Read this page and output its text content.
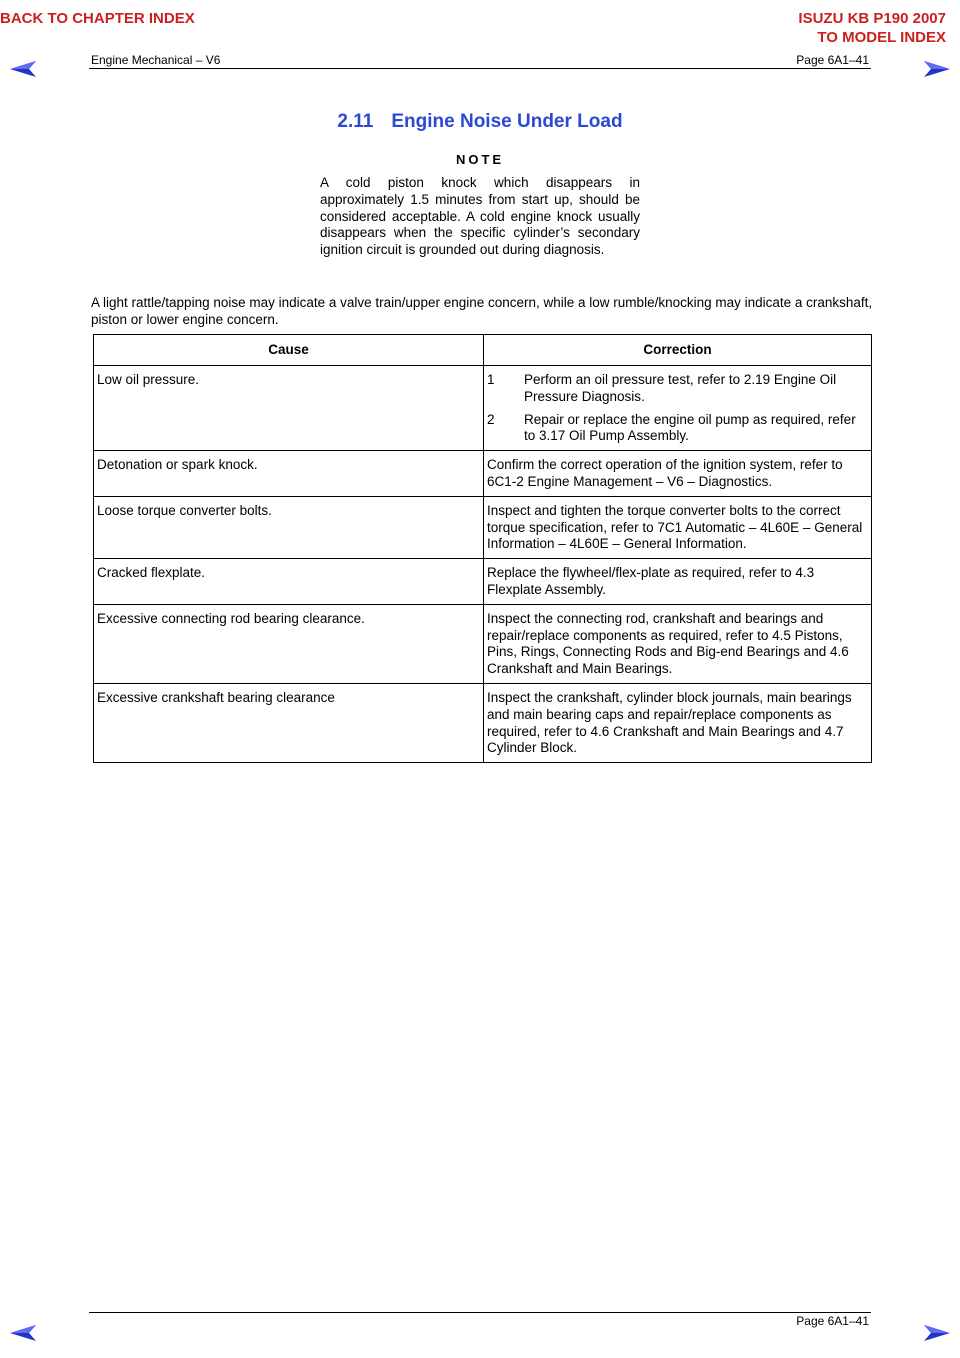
BACK TO CHAPTER INDEX	ISUZU KB P190 2007
TO MODEL INDEX
Engine Mechanical – V6	Page 6A1–41
2.11 Engine Noise Under Load
NOTE
A cold piston knock which disappears in approximately 1.5 minutes from start up, should be considered acceptable. A cold engine knock usually disappears when the specific cylinder’s secondary ignition circuit is grounded out during diagnosis.
A light rattle/tapping noise may indicate a valve train/upper engine concern, while a low rumble/knocking may indicate a crankshaft, piston or lower engine concern.
Cause	Correction
Low oil pressure.	1 Perform an oil pressure test, refer to 2.19 Engine Oil Pressure Diagnosis.
2 Repair or replace the engine oil pump as required, refer to 3.17 Oil Pump Assembly.

Detonation or spark knock.	Confirm the correct operation of the ignition system, refer to 6C1-2 Engine Management – V6 – Diagnostics.
Loose torque converter bolts.	Inspect and tighten the torque converter bolts to the correct torque specification, refer to 7C1 Automatic – 4L60E – General Information – 4L60E – General Information.
Cracked flexplate.	Replace the flywheel/flex-plate as required, refer to 4.3 Flexplate Assembly.
Excessive connecting rod bearing clearance.	Inspect the connecting rod, crankshaft and bearings and repair/replace components as required, refer to 4.5 Pistons, Pins, Rings, Connecting Rods and Big-end Bearings and 4.6 Crankshaft and Main Bearings.
Excessive crankshaft bearing clearance	Inspect the crankshaft, cylinder block journals, main bearings and main bearing caps and repair/replace components as required, refer to 4.6 Crankshaft and Main Bearings and 4.7 Cylinder Block.
Page 6A1–41
